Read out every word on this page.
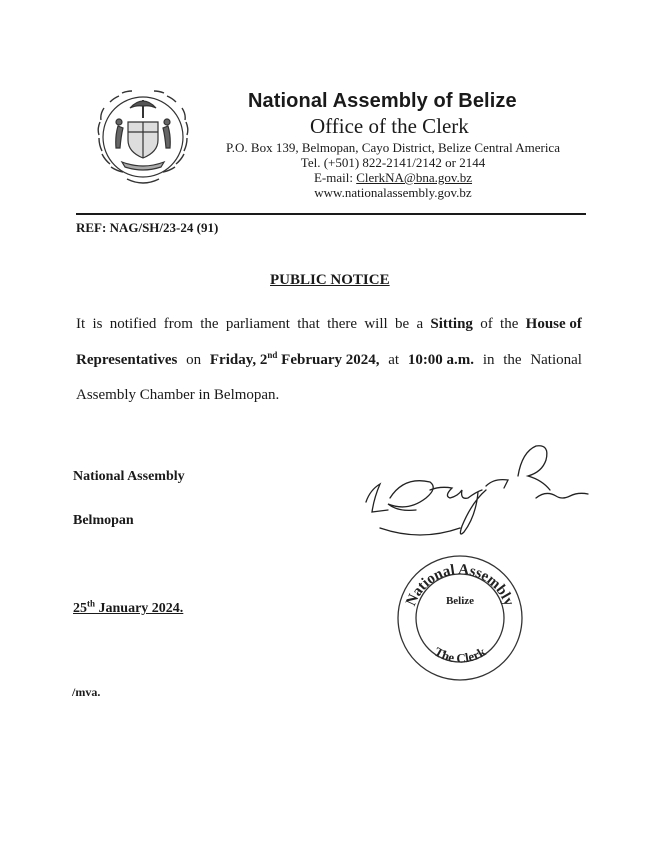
National Assembly of Belize
Office of the Clerk
P.O. Box 139, Belmopan, Cayo District, Belize Central America
Tel. (+501) 822-2141/2142 or 2144
E-mail: ClerkNA@bna.gov.bz
www.nationalassembly.gov.bz
REF: NAG/SH/23-24 (91)
PUBLIC NOTICE
It is notified from the parliament that there will be a Sitting of the House of
Representatives on Friday, 2nd February 2024, at 10:00 a.m. in the National
Assembly Chamber in Belmopan.
National Assembly
Belmopan
25th January 2024.
/mva.
National Assembly
Belize
The Clerk
